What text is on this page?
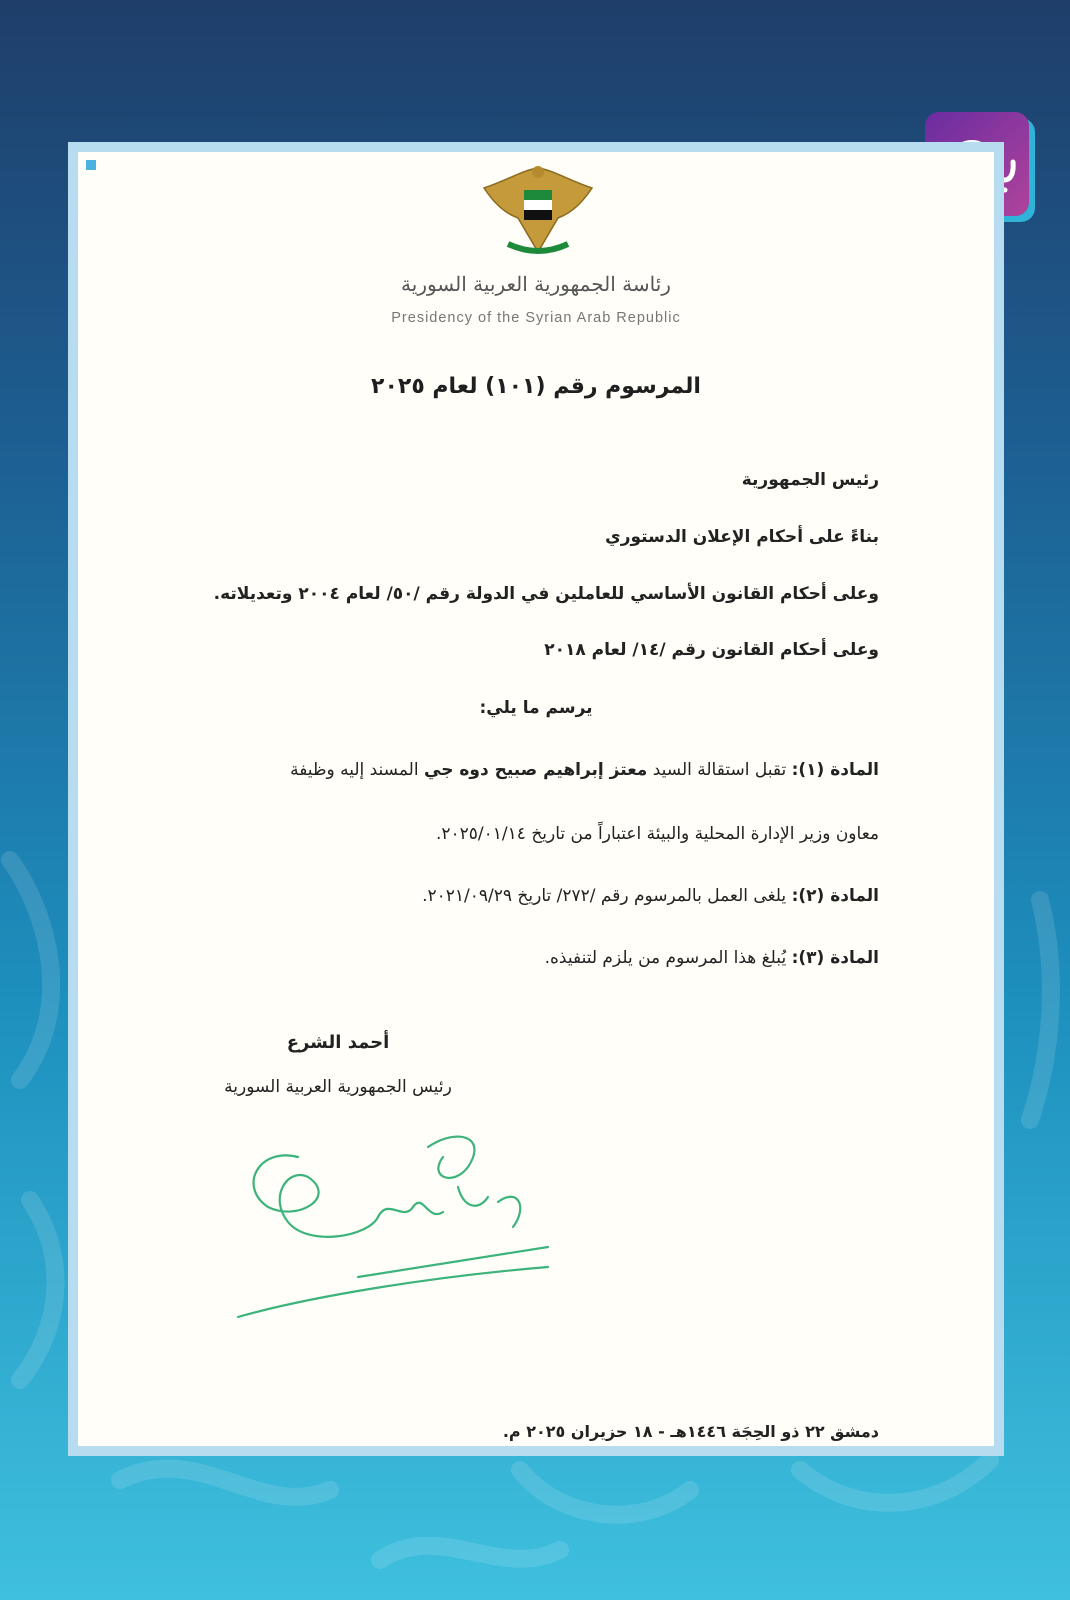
رئاسة الجمهورية العربية السورية
Presidency of the Syrian Arab Republic
المرسوم رقم (١٠١) لعام ٢٠٢٥
رئيس الجمهورية
بناءً على أحكام الإعلان الدستوري
وعلى أحكام القانون الأساسي للعاملين في الدولة رقم /٥٠/ لعام ٢٠٠٤ وتعديلاته.
وعلى أحكام القانون رقم /١٤/ لعام ٢٠١٨
يرسم ما يلي:
المادة (١): تقبل استقالة السيد معتز إبراهيم صبيح دوه جي المسند إليه وظيفة
معاون وزير الإدارة المحلية والبيئة اعتباراً من تاريخ ٢٠٢٥/٠١/١٤.
المادة (٢): يلغى العمل بالمرسوم رقم /٢٧٢/ تاريخ ٢٠٢١/٠٩/٢٩.
المادة (٣): يُبلغ هذا المرسوم من يلزم لتنفيذه.
أحمد الشرع
رئيس الجمهورية العربية السورية
دمشق ٢٢ ذو الحِجَة ١٤٤٦هـ - ١٨ حزيران ٢٠٢٥ م.
